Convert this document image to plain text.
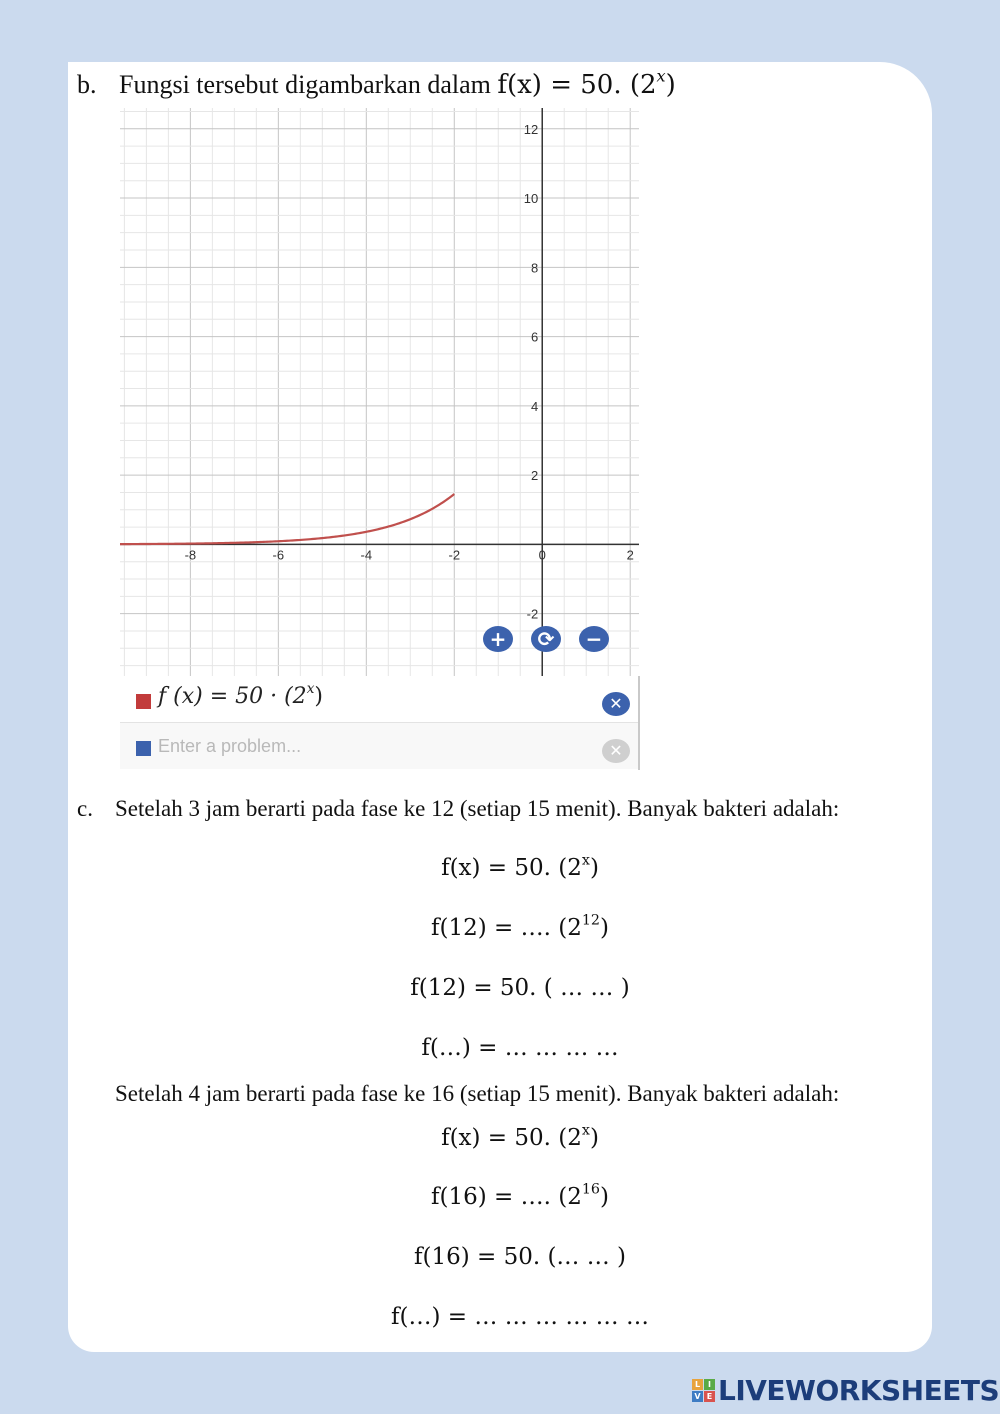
b. Fungsi tersebut digambarkan dalam f(x) = 50. (2$^x$)
-8	-6	-4	-2	0	2
-2
2
4
6
8
10
12
+	⟳	−
f $(x) = 50 \cdot (2^x)$	✕
Enter a problem...	✕
c. Setelah 3 jam berarti pada fase ke 12 (setiap 15 menit). Banyak bakteri adalah:
f(x) = 50. (2$^x$)
f(12) = …. $(2^{12})$
f(12) = 50. ( … … )
f(…) = … … … …
Setelah 4 jam berarti pada fase ke 16 (setiap 15 menit). Banyak bakteri adalah:
f(x) = 50. (2$^x$)
f(16) = …. $(2^{16})$
f(16) = 50. (… … )
f(…) = … … … … … …
L I
V E LIVEWORKSHEETS
